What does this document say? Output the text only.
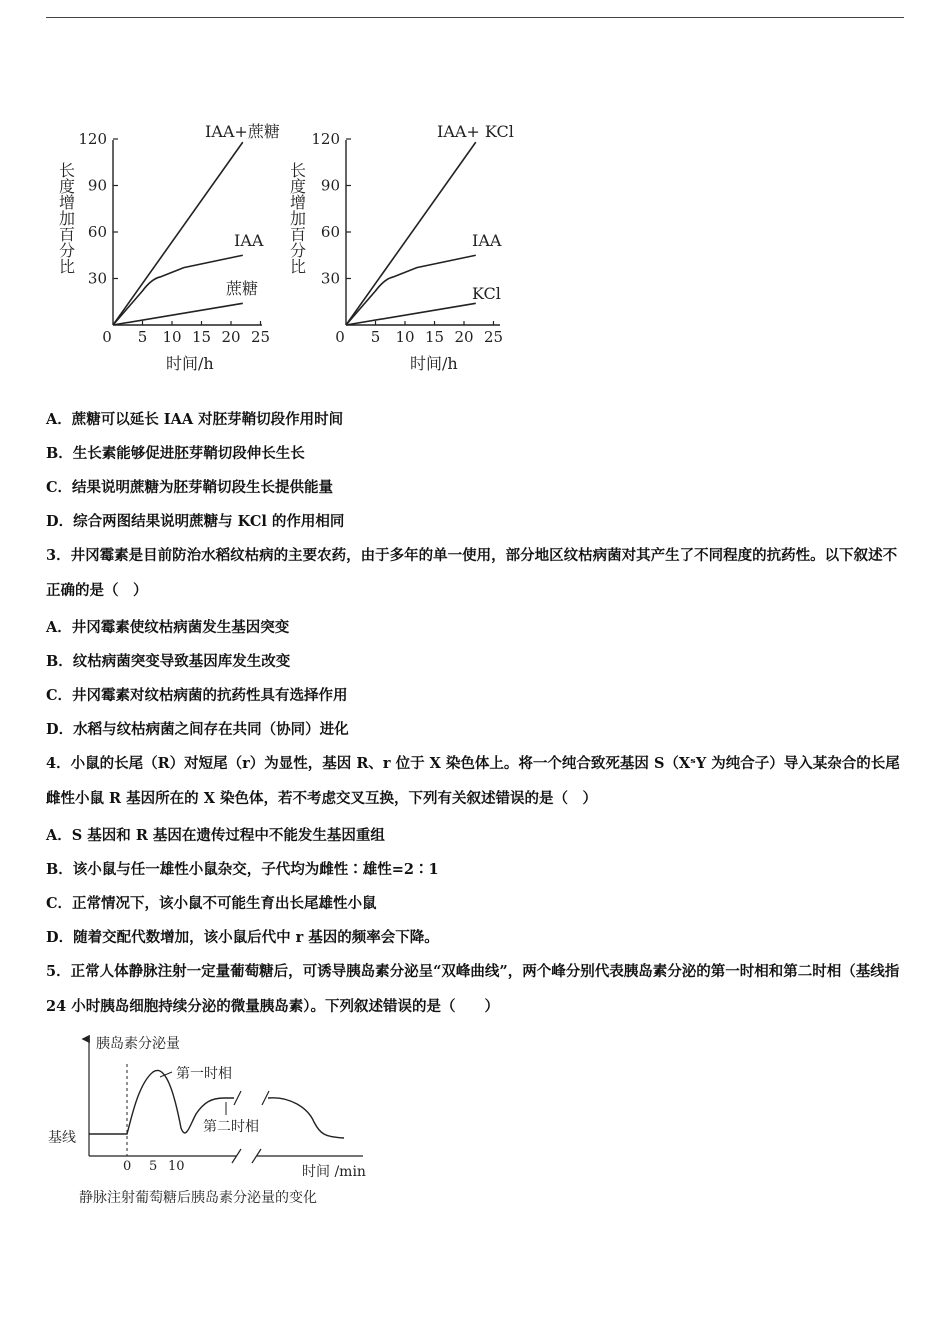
长度增加百分比
120
90
60
30
0 5 10 15 20 25
IAA+蔗糖
IAA
蔗糖
时间/h
长度增加百分比
120
90
60
30
0 5 10 15 20 25
IAA+ KCl
IAA
KCl
时间/h
A．蔗糖可以延长 IAA 对胚芽鞘切段作用时间
B．生长素能够促进胚芽鞘切段伸长生长
C．结果说明蔗糖为胚芽鞘切段生长提供能量
D．综合两图结果说明蔗糖与 KCl 的作用相同
3．井冈霉素是目前防治水稻纹枯病的主要农药，由于多年的单一使用，部分地区纹枯病菌对其产生了不同程度的抗药性。以下叙述不正确的是（　）
A．井冈霉素使纹枯病菌发生基因突变
B．纹枯病菌突变导致基因库发生改变
C．井冈霉素对纹枯病菌的抗药性具有选择作用
D．水稻与纹枯病菌之间存在共同（协同）进化
4．小鼠的长尾（R）对短尾（r）为显性，基因 R、r 位于 X 染色体上。将一个纯合致死基因 S（XˢY 为纯合子）导入某杂合的长尾雌性小鼠 R 基因所在的 X 染色体，若不考虑交叉互换，下列有关叙述错误的是（　）
A．S 基因和 R 基因在遗传过程中不能发生基因重组
B．该小鼠与任一雄性小鼠杂交，子代均为雌性∶雄性=2∶1
C．正常情况下，该小鼠不可能生育出长尾雄性小鼠
D．随着交配代数增加，该小鼠后代中 r 基因的频率会下降。
5．正常人体静脉注射一定量葡萄糖后，可诱导胰岛素分泌呈“双峰曲线”，两个峰分别代表胰岛素分泌的第一时相和第二时相（基线指 24 小时胰岛细胞持续分泌的微量胰岛素）。下列叙述错误的是（　　）
胰岛素分泌量
基线
第一时相
第二时相
0 5 10	时间 /min
静脉注射葡萄糖后胰岛素分泌量的变化
